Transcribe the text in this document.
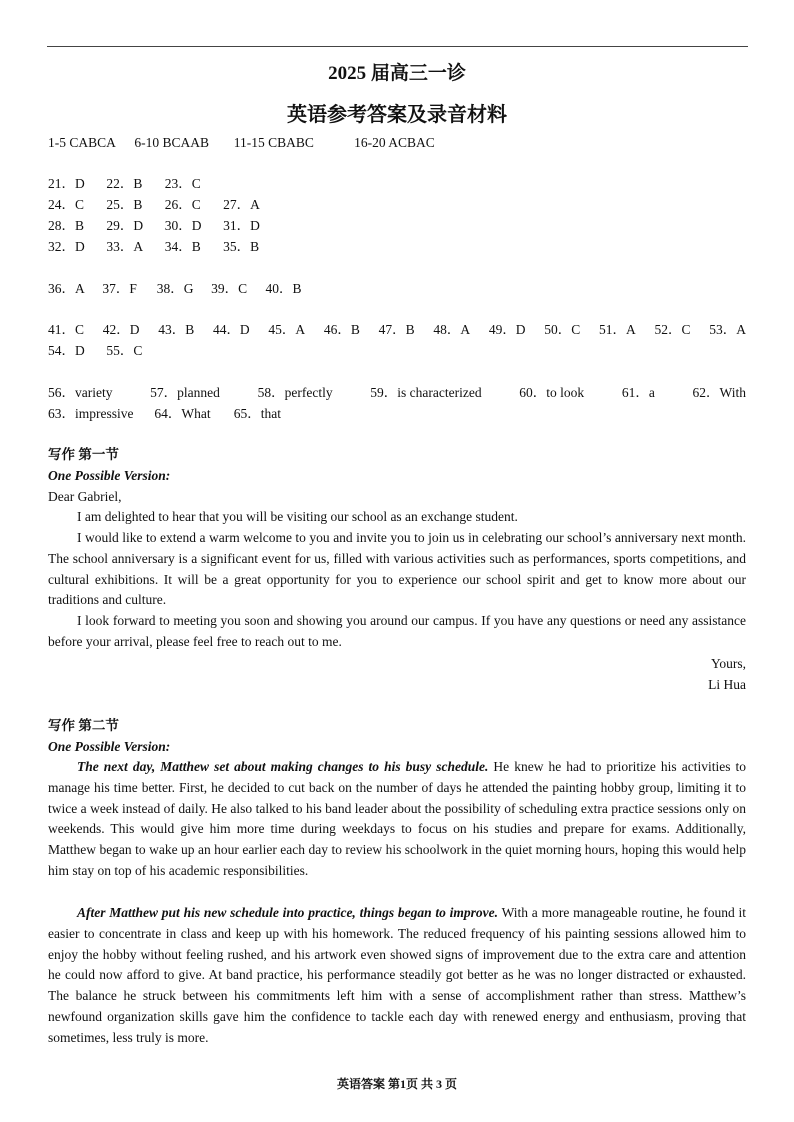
2025 届高三一诊
英语参考答案及录音材料
1-5 CABCA 6-10 BCAAB 11-15 CBABC	16-20 ACBAC
21．D 22．B 23．C
24．C 25．B 26．C 27．A
28．B 29．D 30．D 31．D
32．D 33．A 34．B 35．B
36．A 37．F 38．G 39．C 40．B
41．C 42．D 43．B 44．D 45．A 46．B 47．B 48．A 49．D 50．C 51．A 52．C 53．A
54．D 55．C
56．variety	57．planned	58．perfectly	59．is characterized	60．to look	61．a	62．With
63．impressive 64．What 65．that
写作 第一节
One Possible Version:
Dear Gabriel,

I am delighted to hear that you will be visiting our school as an exchange student.

I would like to extend a warm welcome to you and invite you to join us in celebrating our school’s anniversary next month. The school anniversary is a significant event for us, filled with various activities such as performances, sports competitions, and cultural exhibitions. It will be a great opportunity for you to experience our school spirit and get to know more about our traditions and culture.

I look forward to meeting you soon and showing you around our campus. If you have any questions or need any assistance before your arrival, please feel free to reach out to me.

Yours,
Li Hua
写作 第二节
One Possible Version:

The next day, Matthew set about making changes to his busy schedule. He knew he had to prioritize his activities to manage his time better. First, he decided to cut back on the number of days he attended the painting hobby group, limiting it to twice a week instead of daily. He also talked to his band leader about the possibility of scheduling extra practice sessions only on weekends. This would give him more time during weekdays to focus on his studies and prepare for exams. Additionally, Matthew began to wake up an hour earlier each day to review his schoolwork in the quiet morning hours, hoping this would help him stay on top of his academic responsibilities.

After Matthew put his new schedule into practice, things began to improve. With a more manageable routine, he found it easier to concentrate in class and keep up with his homework. The reduced frequency of his painting sessions allowed him to enjoy the hobby without feeling rushed, and his artwork even showed signs of improvement due to the extra care and attention he could now afford to give. At band practice, his performance steadily got better as he was no longer distracted or exhausted. The balance he struck between his commitments left him with a sense of accomplishment rather than stress. Matthew’s newfound organization skills gave him the confidence to tackle each day with renewed energy and enthusiasm, proving that sometimes, less truly is more.

英语答案 第1页 共 3 页
